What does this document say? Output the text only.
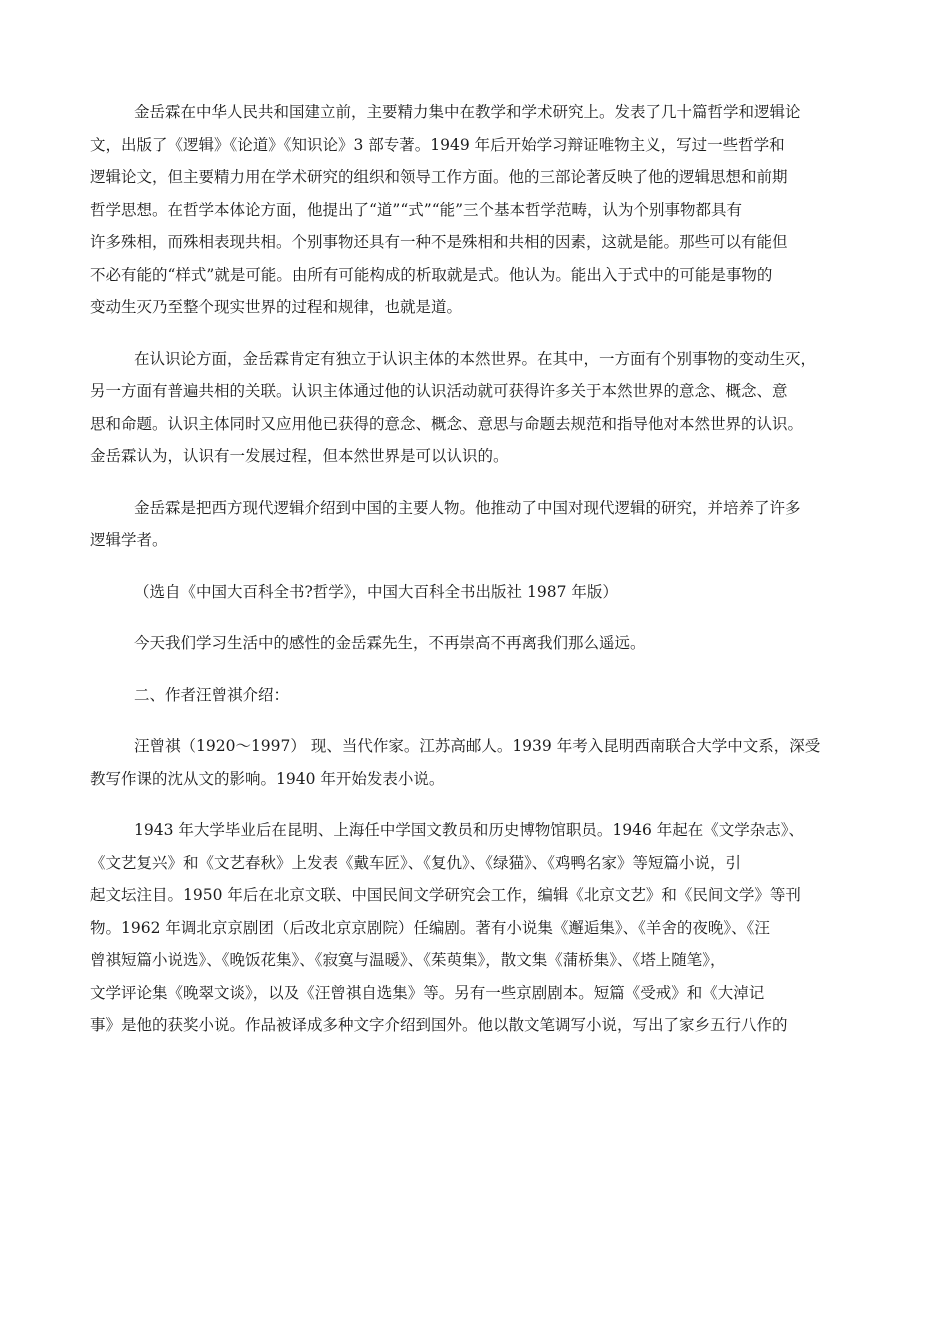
金岳霖在中华人民共和国建立前，主要精力集中在教学和学术研究上。发表了几十篇哲学和逻辑论
文，出版了《逻辑》《论道》《知识论》3 部专著。1949 年后开始学习辩证唯物主义，写过一些哲学和
逻辑论文，但主要精力用在学术研究的组织和领导工作方面。他的三部论著反映了他的逻辑思想和前期
哲学思想。在哲学本体论方面，他提出了“道”“式”“能”三个基本哲学范畴，认为个别事物都具有
许多殊相，而殊相表现共相。个别事物还具有一种不是殊相和共相的因素，这就是能。那些可以有能但
不必有能的“样式”就是可能。由所有可能构成的析取就是式。他认为。能出入于式中的可能是事物的
变动生灭乃至整个现实世界的过程和规律，也就是道。

在认识论方面，金岳霖肯定有独立于认识主体的本然世界。在其中，一方面有个别事物的变动生灭，
另一方面有普遍共相的关联。认识主体通过他的认识活动就可获得许多关于本然世界的意念、概念、意
思和命题。认识主体同时又应用他已获得的意念、概念、意思与命题去规范和指导他对本然世界的认识。
金岳霖认为，认识有一发展过程，但本然世界是可以认识的。

金岳霖是把西方现代逻辑介绍到中国的主要人物。他推动了中国对现代逻辑的研究，并培养了许多
逻辑学者。

（选自《中国大百科全书?哲学》，中国大百科全书出版社 1987 年版）

今天我们学习生活中的感性的金岳霖先生，不再崇高不再离我们那么遥远。

二、作者汪曾祺介绍：

汪曾祺（1920～1997） 现、当代作家。江苏高邮人。1939 年考入昆明西南联合大学中文系，深受
教写作课的沈从文的影响。1940 年开始发表小说。

1943 年大学毕业后在昆明、上海任中学国文教员和历史博物馆职员。1946 年起在《文学杂志》、
《文艺复兴》和《文艺春秋》上发表《戴车匠》、《复仇》、《绿猫》、《鸡鸭名家》等短篇小说，引
起文坛注目。1950 年后在北京文联、中国民间文学研究会工作，编辑《北京文艺》和《民间文学》等刊
物。1962 年调北京京剧团（后改北京京剧院）任编剧。著有小说集《邂逅集》、《羊舍的夜晚》、《汪
曾祺短篇小说选》、《晚饭花集》、《寂寞与温暖》、《茱萸集》，散文集《蒲桥集》、《塔上随笔》，
文学评论集《晚翠文谈》，以及《汪曾祺自选集》等。另有一些京剧剧本。短篇《受戒》和《大淖记
事》是他的获奖小说。作品被译成多种文字介绍到国外。他以散文笔调写小说，写出了家乡五行八作的
